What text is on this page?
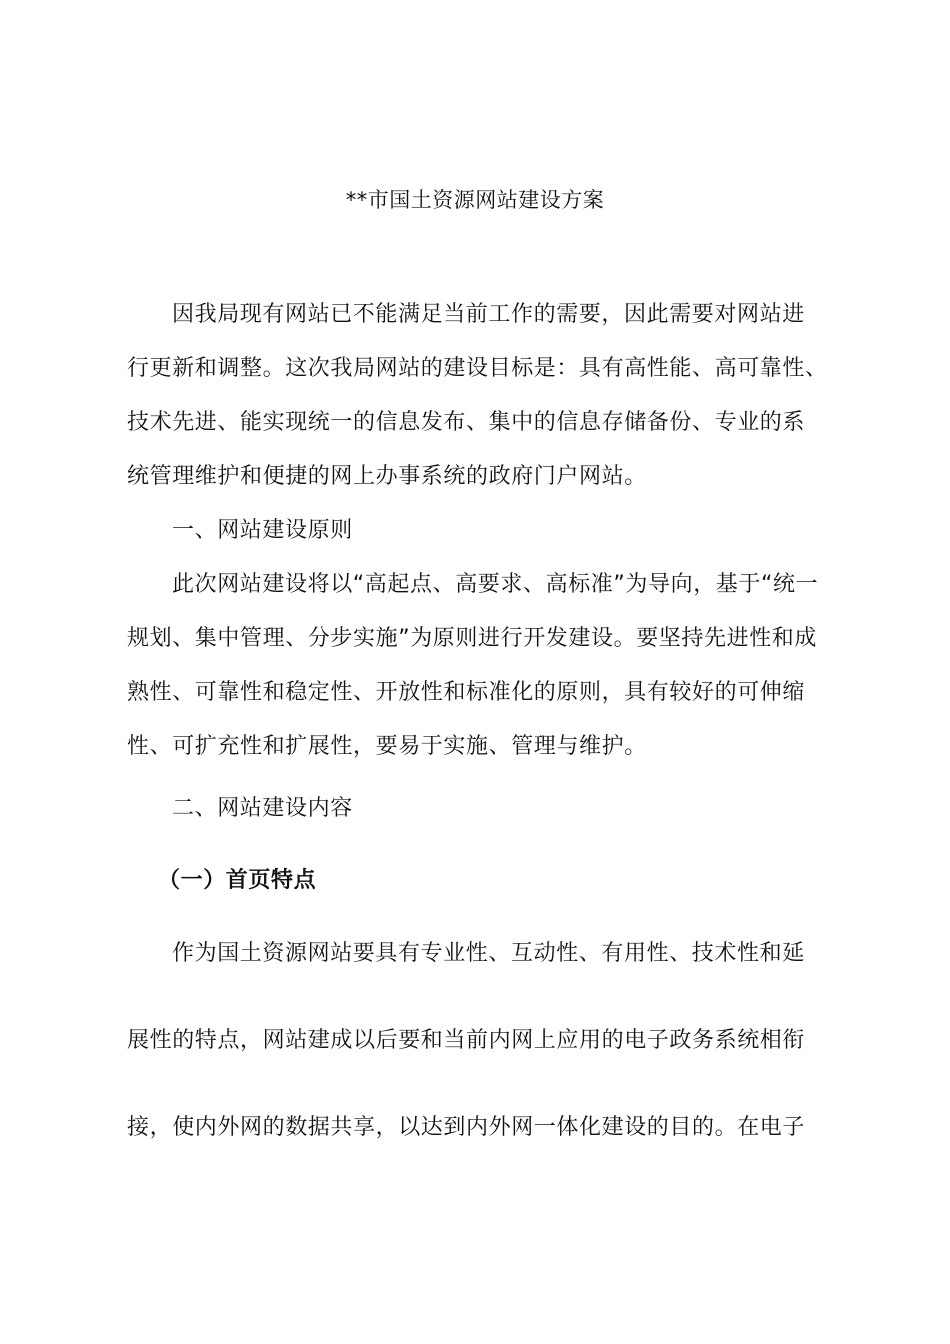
**市国土资源网站建设方案
因我局现有网站已不能满足当前工作的需要，因此需要对网站进
行更新和调整。这次我局网站的建设目标是：具有高性能、高可靠性、
技术先进、能实现统一的信息发布、集中的信息存储备份、专业的系
统管理维护和便捷的网上办事系统的政府门户网站。
一、网站建设原则
此次网站建设将以“高起点、高要求、高标准”为导向，基于“统一
规划、集中管理、分步实施”为原则进行开发建设。要坚持先进性和成
熟性、可靠性和稳定性、开放性和标准化的原则，具有较好的可伸缩
性、可扩充性和扩展性，要易于实施、管理与维护。
二、网站建设内容
（一）首页特点
作为国土资源网站要具有专业性、互动性、有用性、技术性和延
展性的特点，网站建成以后要和当前内网上应用的电子政务系统相衔
接，使内外网的数据共享，以达到内外网一体化建设的目的。在电子
